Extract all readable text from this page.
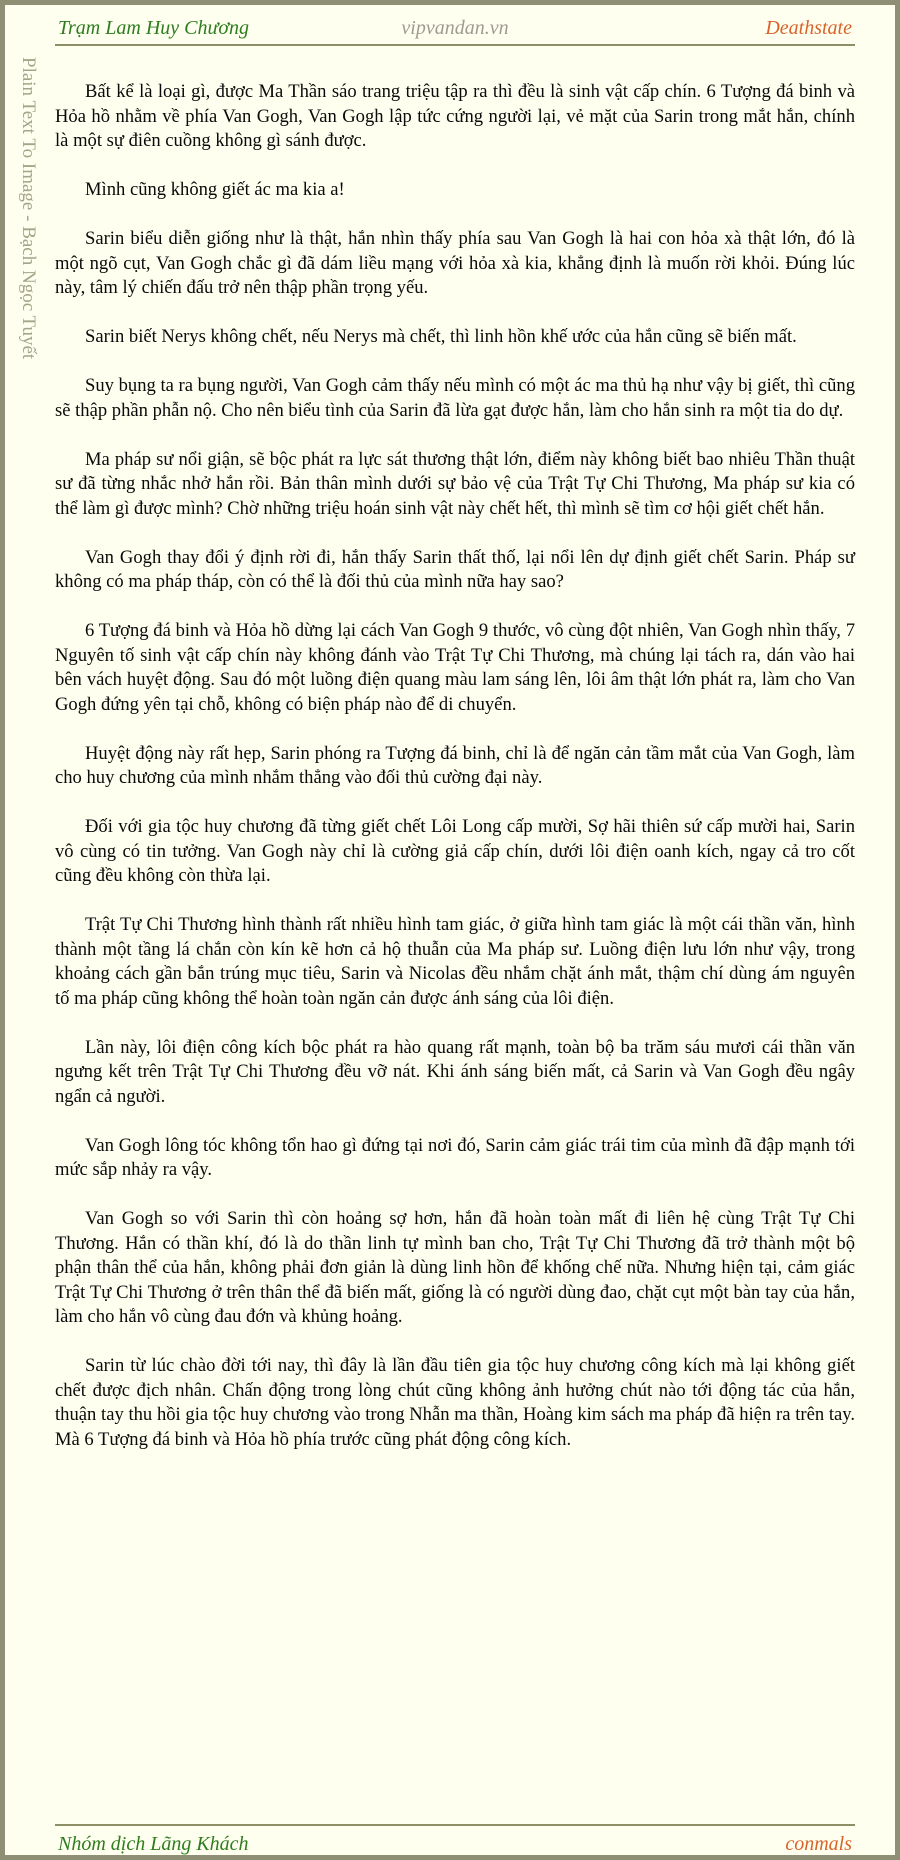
Trạm Lam Huy Chương	vipvandan.vn	Deathstate
Plain Text To Image - Bạch Ngọc Tuyết	Bất kể là loại gì, được Ma Thần sáo trang triệu tập ra thì đều là sinh vật cấp chín. 6 Tượng đá binh và Hỏa hồ nhằm về phía Van Gogh, Van Gogh lập tức cứng người lại, vẻ mặt của Sarin trong mắt hắn, chính là một sự điên cuồng không gì sánh được.

Mình cũng không giết ác ma kia a!

Sarin biểu diễn giống như là thật, hắn nhìn thấy phía sau Van Gogh là hai con hỏa xà thật lớn, đó là một ngõ cụt, Van Gogh chắc gì đã dám liều mạng với hỏa xà kia, khẳng định là muốn rời khỏi. Đúng lúc này, tâm lý chiến đấu trở nên thập phần trọng yếu.

Sarin biết Nerys không chết, nếu Nerys mà chết, thì linh hồn khế ước của hắn cũng sẽ biến mất.

Suy bụng ta ra bụng người, Van Gogh cảm thấy nếu mình có một ác ma thủ hạ như vậy bị giết, thì cũng sẽ thập phần phẫn nộ. Cho nên biểu tình của Sarin đã lừa gạt được hắn, làm cho hắn sinh ra một tia do dự.

Ma pháp sư nổi giận, sẽ bộc phát ra lực sát thương thật lớn, điểm này không biết bao nhiêu Thần thuật sư đã từng nhắc nhở hắn rồi. Bản thân mình dưới sự bảo vệ của Trật Tự Chi Thương, Ma pháp sư kia có thể làm gì được mình? Chờ những triệu hoán sinh vật này chết hết, thì mình sẽ tìm cơ hội giết chết hắn.

Van Gogh thay đổi ý định rời đi, hắn thấy Sarin thất thố, lại nổi lên dự định giết chết Sarin. Pháp sư không có ma pháp tháp, còn có thể là đối thủ của mình nữa hay sao?

6 Tượng đá binh và Hỏa hồ dừng lại cách Van Gogh 9 thước, vô cùng đột nhiên, Van Gogh nhìn thấy, 7 Nguyên tố sinh vật cấp chín này không đánh vào Trật Tự Chi Thương, mà chúng lại tách ra, dán vào hai bên vách huyệt động. Sau đó một luồng điện quang màu lam sáng lên, lôi âm thật lớn phát ra, làm cho Van Gogh đứng yên tại chỗ, không có biện pháp nào để di chuyển.

Huyệt động này rất hẹp, Sarin phóng ra Tượng đá binh, chỉ là để ngăn cản tầm mắt của Van Gogh, làm cho huy chương của mình nhắm thẳng vào đối thủ cường đại này.

Đối với gia tộc huy chương đã từng giết chết Lôi Long cấp mười, Sợ hãi thiên sứ cấp mười hai, Sarin vô cùng có tin tưởng. Van Gogh này chỉ là cường giả cấp chín, dưới lôi điện oanh kích, ngay cả tro cốt cũng đều không còn thừa lại.

Trật Tự Chi Thương hình thành rất nhiều hình tam giác, ở giữa hình tam giác là một cái thần văn, hình thành một tầng lá chắn còn kín kẽ hơn cả hộ thuẫn của Ma pháp sư. Luồng điện lưu lớn như vậy, trong khoảng cách gần bắn trúng mục tiêu, Sarin và Nicolas đều nhắm chặt ánh mắt, thậm chí dùng ám nguyên tố ma pháp cũng không thể hoàn toàn ngăn cản được ánh sáng của lôi điện.

Lần này, lôi điện công kích bộc phát ra hào quang rất mạnh, toàn bộ ba trăm sáu mươi cái thần văn ngưng kết trên Trật Tự Chi Thương đều vỡ nát. Khi ánh sáng biến mất, cả Sarin và Van Gogh đều ngây ngẩn cả người.

Van Gogh lông tóc không tổn hao gì đứng tại nơi đó, Sarin cảm giác trái tim của mình đã đập mạnh tới mức sắp nhảy ra vậy.

Van Gogh so với Sarin thì còn hoảng sợ hơn, hắn đã hoàn toàn mất đi liên hệ cùng Trật Tự Chi Thương. Hắn có thần khí, đó là do thần linh tự mình ban cho, Trật Tự Chi Thương đã trở thành một bộ phận thân thể của hắn, không phải đơn giản là dùng linh hồn để khống chế nữa. Nhưng hiện tại, cảm giác Trật Tự Chi Thương ở trên thân thể đã biến mất, giống là có người dùng đao, chặt cụt một bàn tay của hắn, làm cho hắn vô cùng đau đớn và khủng hoảng.

Sarin từ lúc chào đời tới nay, thì đây là lần đầu tiên gia tộc huy chương công kích mà lại không giết chết được địch nhân. Chấn động trong lòng chút cũng không ảnh hưởng chút nào tới động tác của hắn, thuận tay thu hồi gia tộc huy chương vào trong Nhẫn ma thần, Hoàng kim sách ma pháp đã hiện ra trên tay. Mà 6 Tượng đá binh và Hỏa hồ phía trước cũng phát động công kích.

Nhóm dịch Lãng Khách	conmals
